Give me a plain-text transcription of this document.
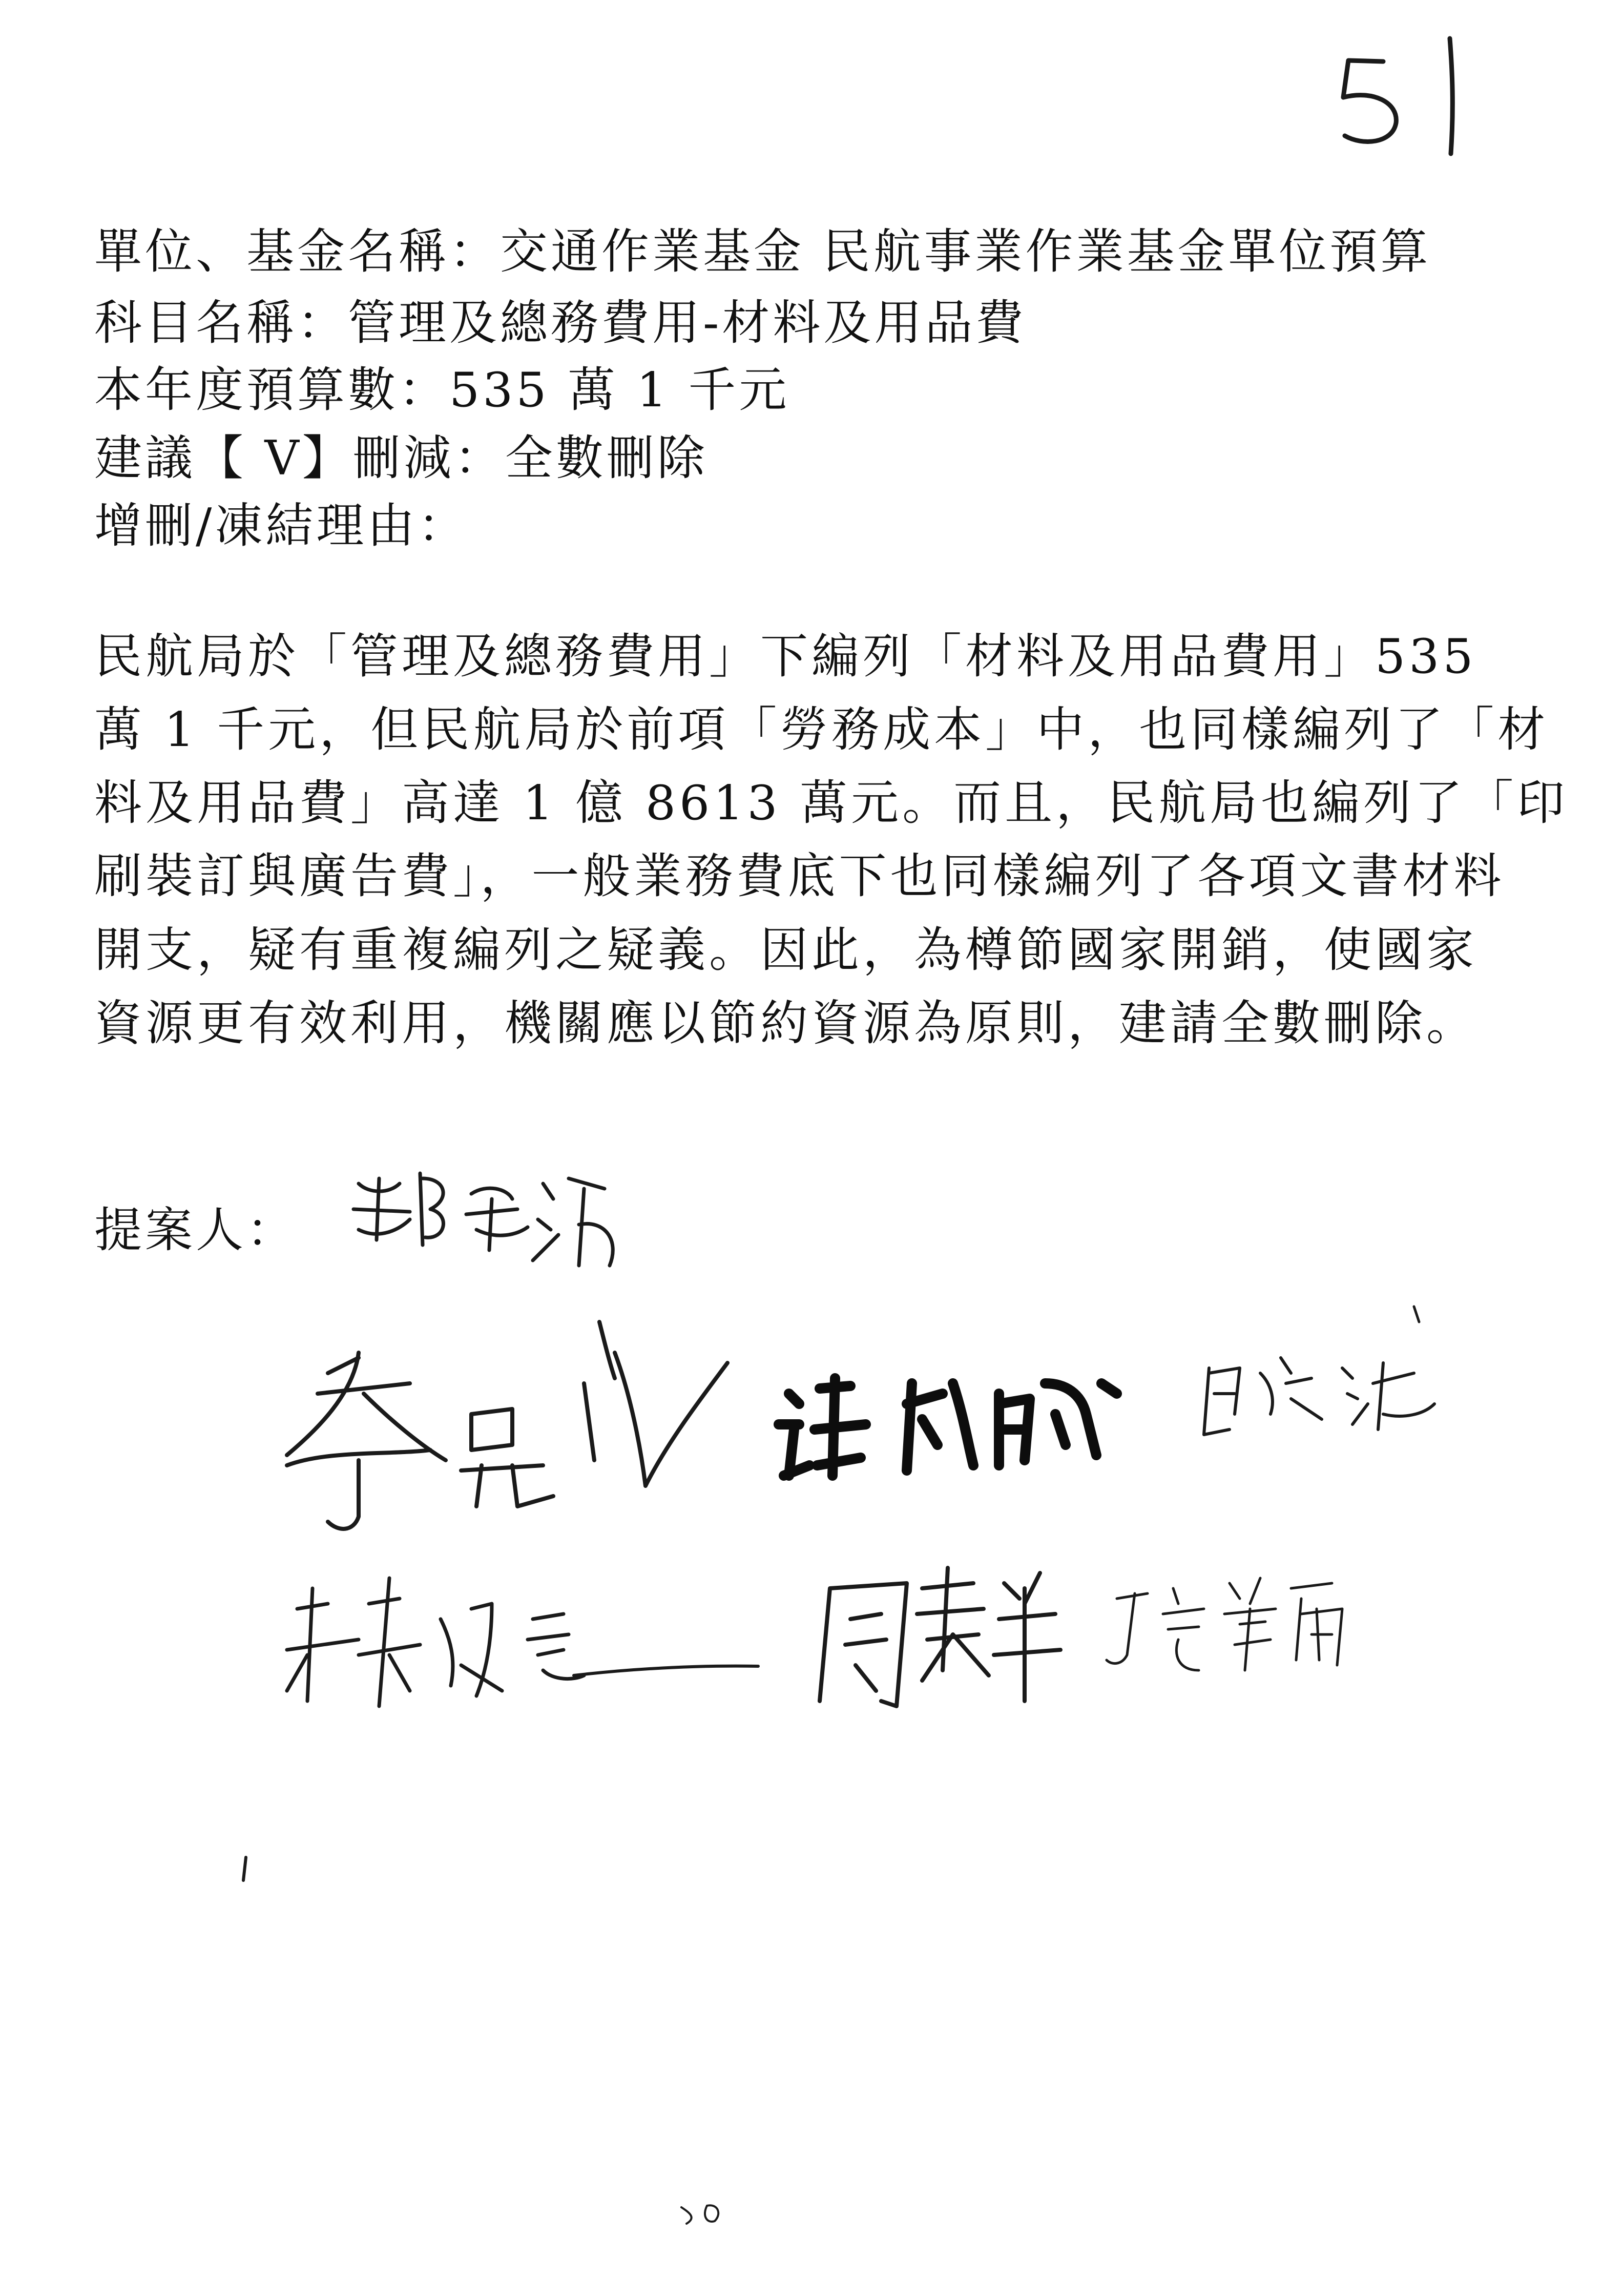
單位、基金名稱：交通作業基金 民航事業作業基金單位預算
科目名稱：管理及總務費用-材料及用品費
本年度預算數：535 萬 1 千元
建議【 V】刪減：全數刪除
增刪/凍結理由：
民航局於「管理及總務費用」下編列「材料及用品費用」535
萬 1 千元，但民航局於前項「勞務成本」中，也同樣編列了「材
料及用品費」高達 1 億 8613 萬元。而且，民航局也編列了「印
刷裝訂與廣告費」，一般業務費底下也同樣編列了各項文書材料
開支，疑有重複編列之疑義。因此，為樽節國家開銷，使國家
資源更有效利用，機關應以節約資源為原則，建請全數刪除。
提案人：
